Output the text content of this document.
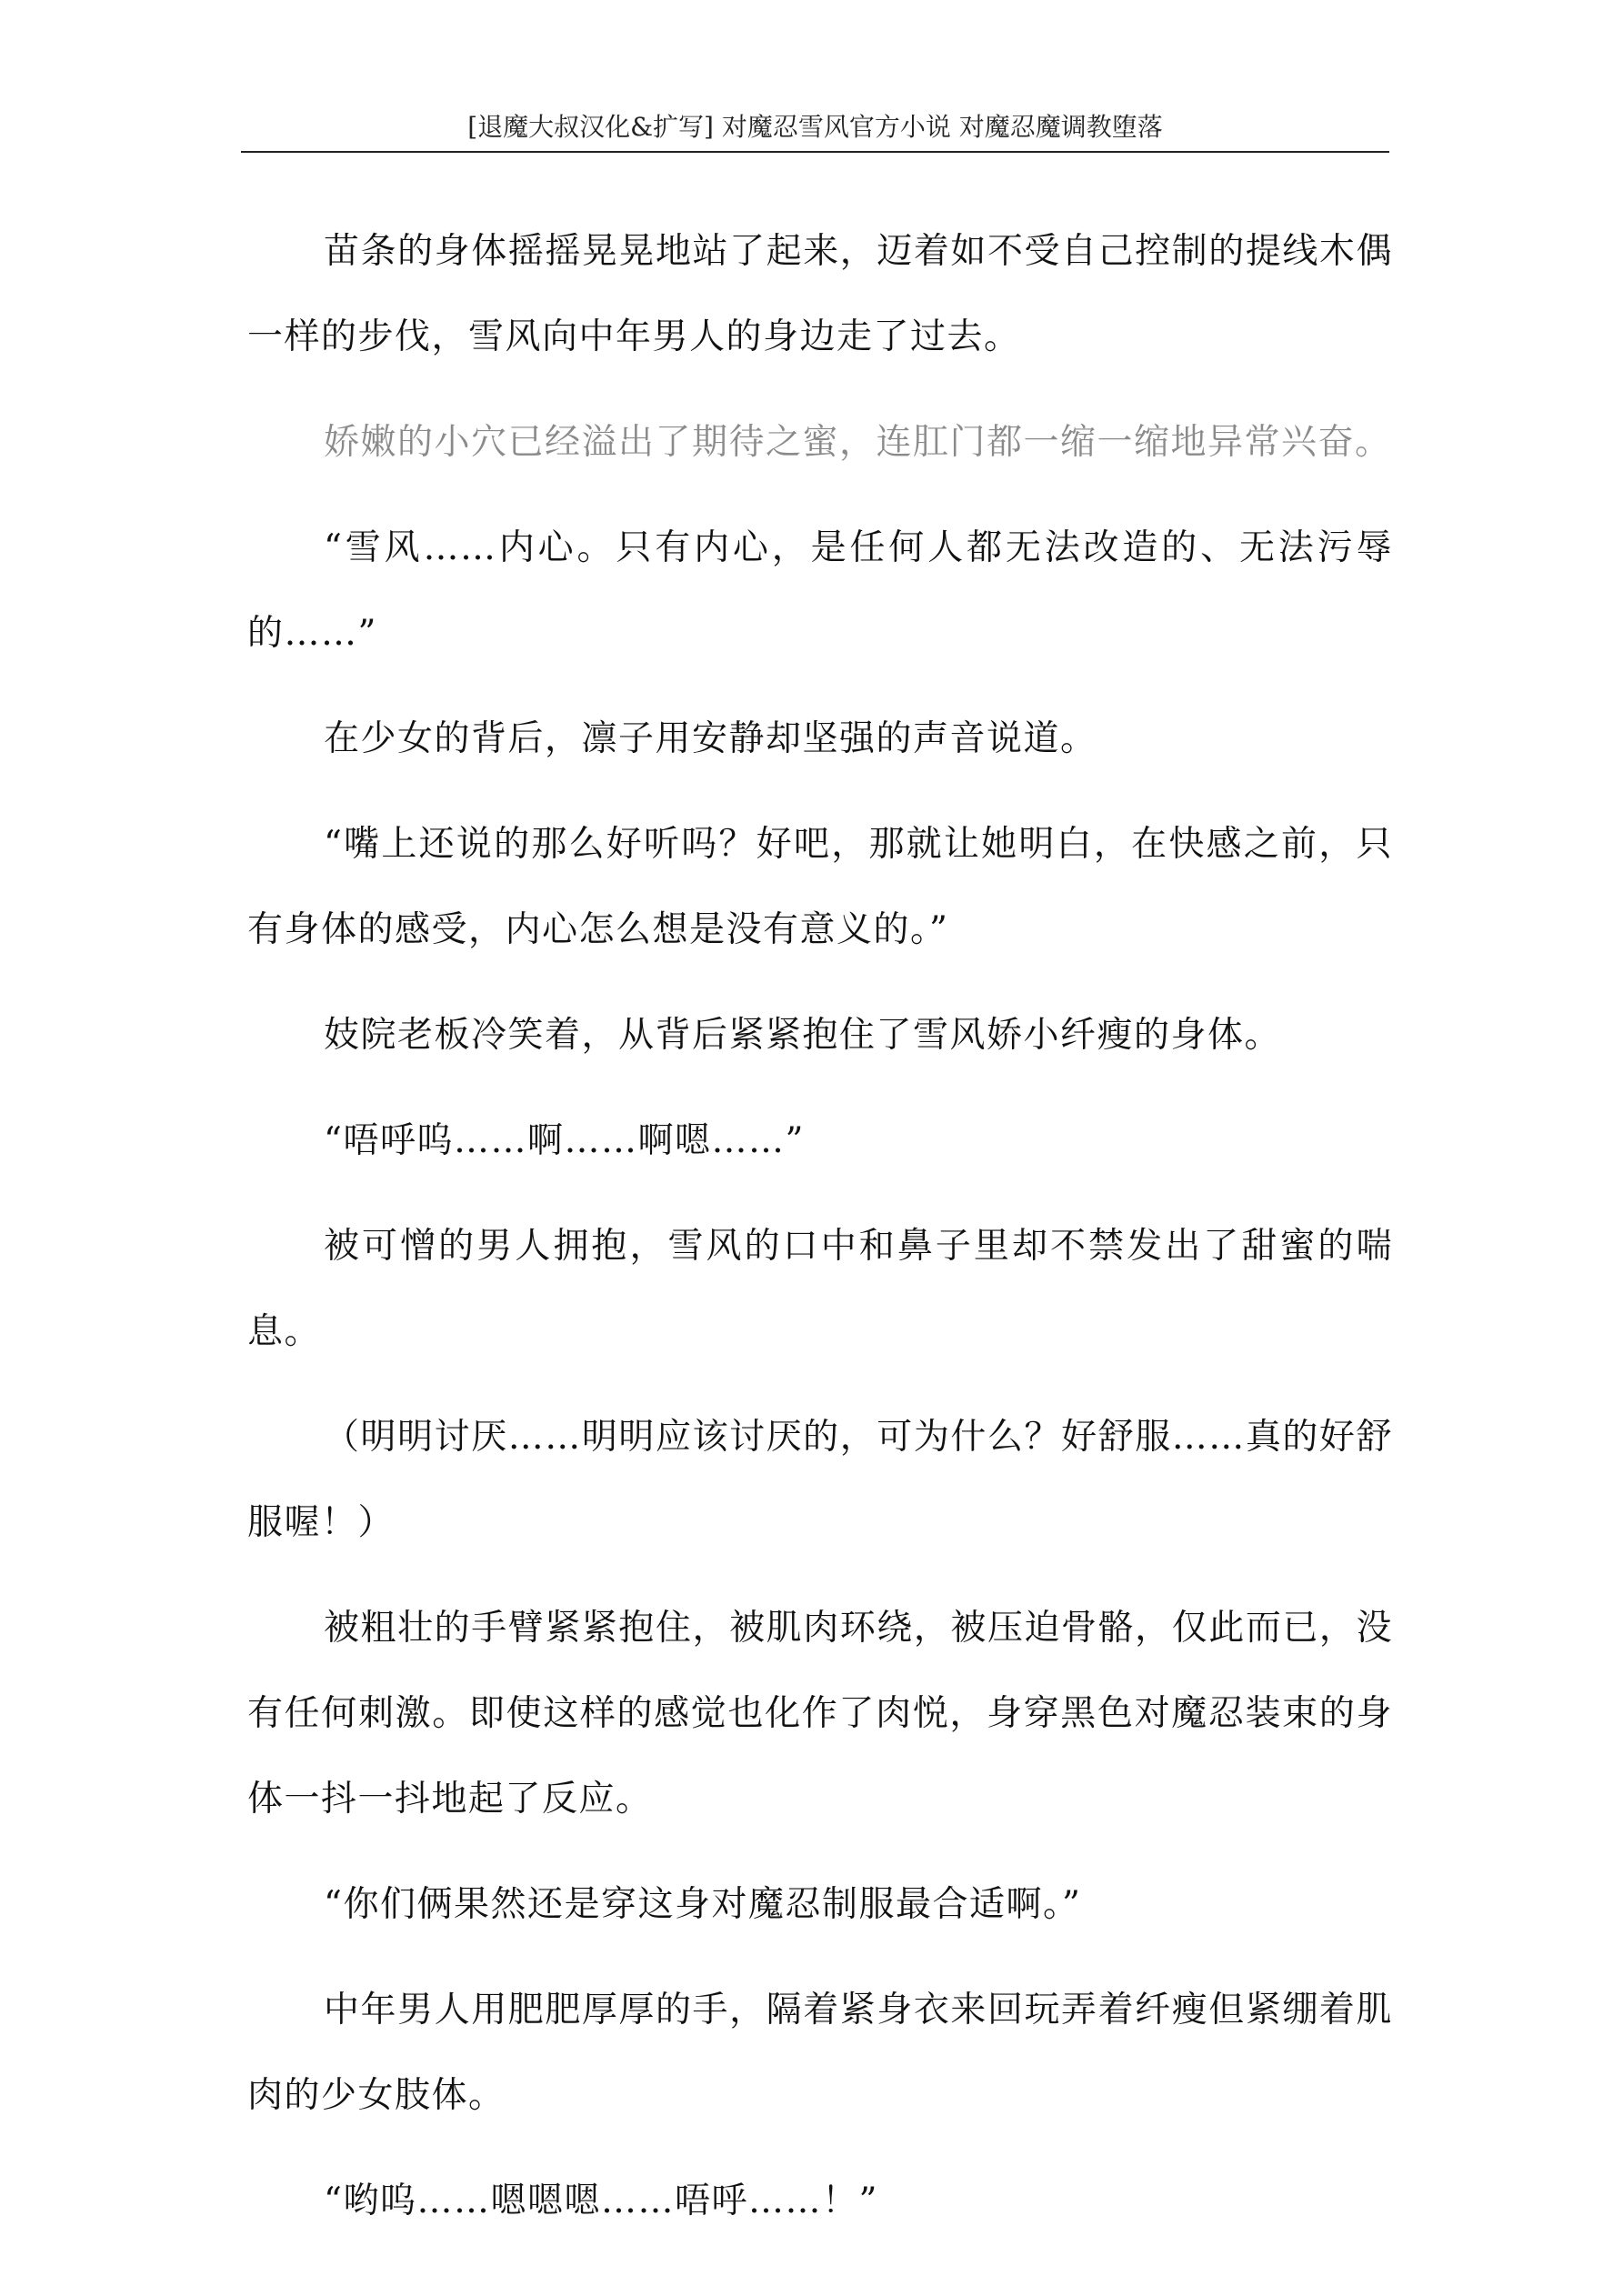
[退魔大叔汉化&扩写] 对魔忍雪风官方小说 对魔忍魔调教堕落

苗条的身体摇摇晃晃地站了起来，迈着如不受自己控制的提线木偶一样的步伐，雪风向中年男人的身边走了过去。

娇嫩的小穴已经溢出了期待之蜜，连肛门都一缩一缩地异常兴奋。

“雪风……内心。只有内心，是任何人都无法改造的、无法污辱的……”

在少女的背后，凛子用安静却坚强的声音说道。

“嘴上还说的那么好听吗？好吧，那就让她明白，在快感之前，只有身体的感受，内心怎么想是没有意义的。”

妓院老板冷笑着，从背后紧紧抱住了雪风娇小纤瘦的身体。

“唔呼呜……啊……啊嗯……”

被可憎的男人拥抱，雪风的口中和鼻子里却不禁发出了甜蜜的喘息。

（明明讨厌……明明应该讨厌的，可为什么？好舒服……真的好舒服喔！）

被粗壮的手臂紧紧抱住，被肌肉环绕，被压迫骨骼，仅此而已，没有任何刺激。即使这样的感觉也化作了肉悦，身穿黑色对魔忍装束的身体一抖一抖地起了反应。

“你们俩果然还是穿这身对魔忍制服最合适啊。”

中年男人用肥肥厚厚的手，隔着紧身衣来回玩弄着纤瘦但紧绷着肌肉的少女肢体。

“哟呜……嗯嗯嗯……唔呼……！”
